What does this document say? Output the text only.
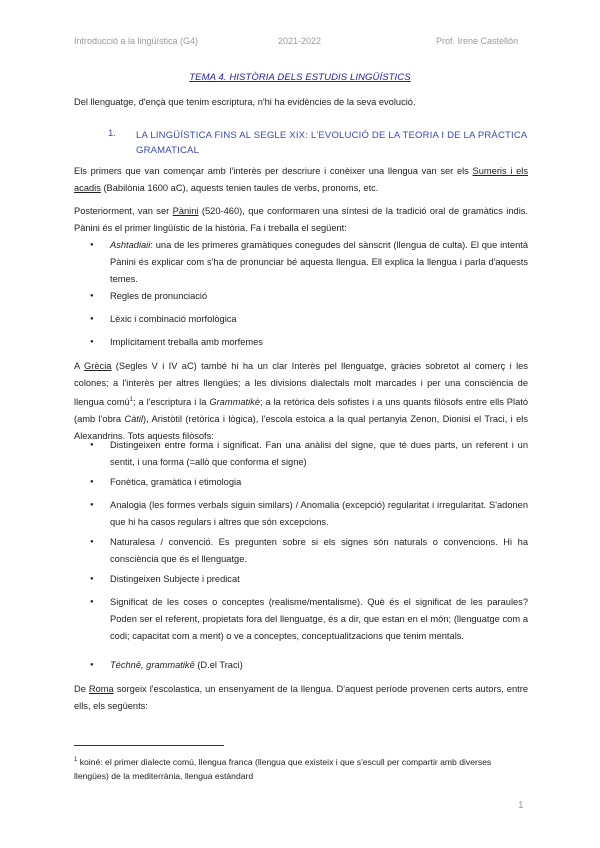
Introducció a la lingüística (G4)	2021-2022	Prof. Irene Castellón
TEMA 4. HISTÒRIA DELS ESTUDIS LINGÜÍSTICS

Del llenguatge, d'ençà que tenim escriptura, n'hi ha evidències de la seva evolució.

1. LA LINGÜÍSTICA FINS AL SEGLE XIX: L'EVOLUCIÓ DE LA TEORIA I DE LA PRÀCTICA GRAMATICAL

Els primers que van començar amb l'interès per descriure i conèixer una llengua van ser els Sumeris i els acadis (Babilònia 1600 aC), aquests tenien taules de verbs, pronoms, etc.

Posteriorment, van ser Pànini (520-460), que conformaren una síntesi de la tradició oral de gramàtics indis. Pànini és el primer lingüístic de la història. Fa i treballa el següent:

● Ashtadiaii: una de les primeres gramàtiques conegudes del sànscrit (llengua de culta). El que intentà Pànini és explicar com s'ha de pronunciar bé aquesta llengua. Ell explica la llengua i parla d'aquests temes.

● Regles de pronunciació

● Lèxic i combinació morfològica

● Implícitament treballa amb morfemes

A Grècia (Segles V i IV aC) també hi ha un clar Interès pel llenguatge, gràcies sobretot al comerç i les colones; a l'interès per altres llengües; a les divisions dialectals molt marcades i per una consciència de llengua comú$^1$; a l'escriptura i la Grammatikè; a la retòrica dels sofistes i a uns quants filòsofs entre ells Plató (amb l'obra Càtil), Aristòtil (retòrica i lògica), l'escola estoica a la qual pertanyia Zenon, Dionisi el Traci, i els Alexandrins. Tots aquests filòsofs:

● Distingeixen entre forma i significat. Fan una anàlisi del signe, que té dues parts, un referent i un sentit, i una forma (=allò que conforma el signe)

● Fonètica, gramàtica i etimologia

● Analogia (les formes verbals siguin similars) / Anomalia (excepció) regularitat i irregularitat. S'adonen que hi ha casos regulars i altres que són excepcions.

● Naturalesa / convenció. Es pregunten sobre si els signes són naturals o convencions. Hi ha consciència que és el llenguatge.

● Distingeixen Subjecte i predicat

● Significat de les coses o conceptes (realisme/mentalisme). Què és el significat de les paraules? Poden ser el referent, propietats fora del llenguatge, és a dir, que estan en el món; (llenguatge com a codi; capacitat com a ment) o ve a conceptes, conceptualitzacions que tenim mentals.

● Téchnē, grammatikē (D.el Traci)

De Roma sorgeix l'escolastica, un ensenyament de la llengua. D'aquest període provenen certs autors, entre ells, els següents:

$^1$ koiné: el primer dialecte comú, llengua franca (llengua que existeix i que s'escull per compartir amb diverses llengües) de la mediterrània, llengua estàndard

1
